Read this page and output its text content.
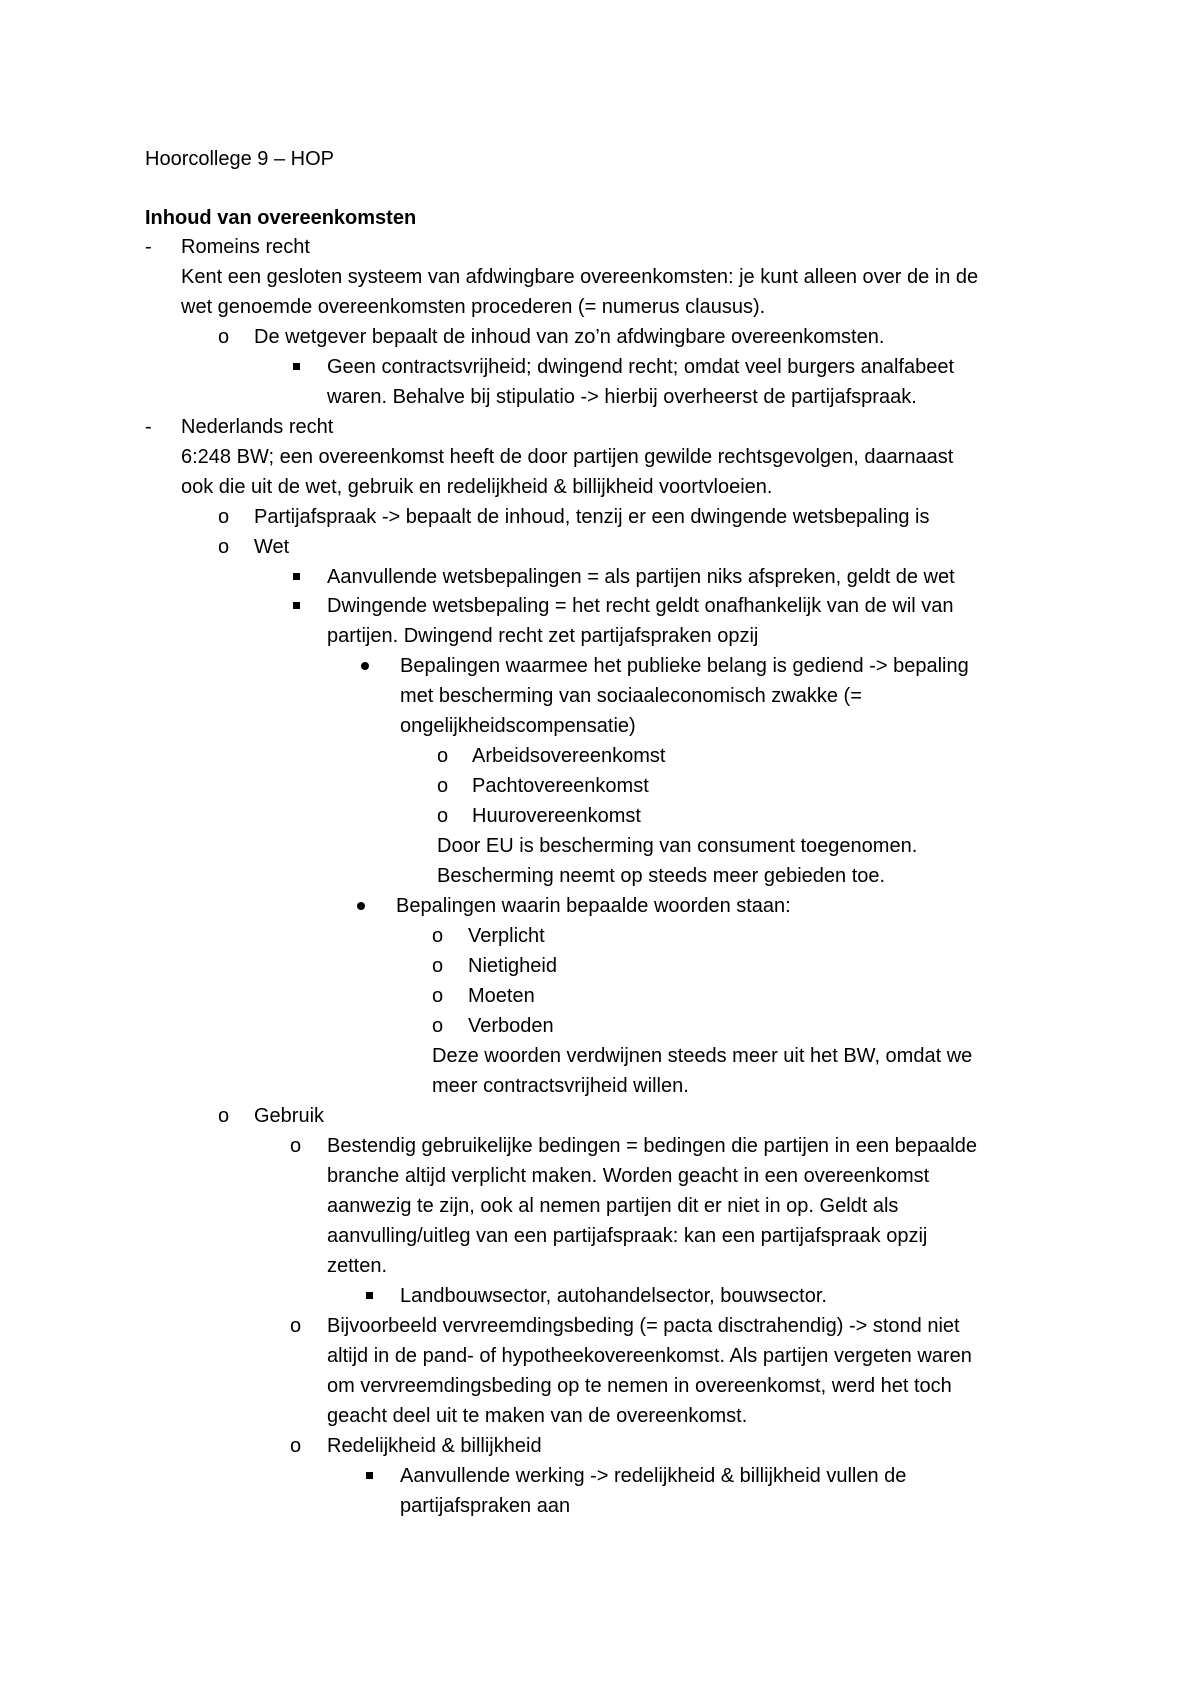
Hoorcollege 9 – HOP
Inhoud van overeenkomsten
- Romeins recht
Kent een gesloten systeem van afdwingbare overeenkomsten: je kunt alleen over de in de
wet genoemde overeenkomsten procederen (= numerus clausus).
o De wetgever bepaalt de inhoud van zo’n afdwingbare overeenkomsten.
Geen contractsvrijheid; dwingend recht; omdat veel burgers analfabeet
waren. Behalve bij stipulatio -> hierbij overheerst de partijafspraak.
- Nederlands recht
6:248 BW; een overeenkomst heeft de door partijen gewilde rechtsgevolgen, daarnaast
ook die uit de wet, gebruik en redelijkheid & billijkheid voortvloeien.
o Partijafspraak -> bepaalt de inhoud, tenzij er een dwingende wetsbepaling is
o Wet
Aanvullende wetsbepalingen = als partijen niks afspreken, geldt de wet
Dwingende wetsbepaling = het recht geldt onafhankelijk van de wil van
partijen. Dwingend recht zet partijafspraken opzij
Bepalingen waarmee het publieke belang is gediend -> bepaling
met bescherming van sociaaleconomisch zwakke (=
ongelijkheidscompensatie)
o Arbeidsovereenkomst
o Pachtovereenkomst
o Huurovereenkomst
Door EU is bescherming van consument toegenomen.
Bescherming neemt op steeds meer gebieden toe.
Bepalingen waarin bepaalde woorden staan:
o Verplicht
o Nietigheid
o Moeten
o Verboden
Deze woorden verdwijnen steeds meer uit het BW, omdat we
meer contractsvrijheid willen.
o Gebruik
o Bestendig gebruikelijke bedingen = bedingen die partijen in een bepaalde
branche altijd verplicht maken. Worden geacht in een overeenkomst
aanwezig te zijn, ook al nemen partijen dit er niet in op. Geldt als
aanvulling/uitleg van een partijafspraak: kan een partijafspraak opzij
zetten.
Landbouwsector, autohandelsector, bouwsector.
o Bijvoorbeeld vervreemdingsbeding (= pacta disctrahendig) -> stond niet
altijd in de pand- of hypotheekovereenkomst. Als partijen vergeten waren
om vervreemdingsbeding op te nemen in overeenkomst, werd het toch
geacht deel uit te maken van de overeenkomst.
o Redelijkheid & billijkheid
Aanvullende werking -> redelijkheid & billijkheid vullen de
partijafspraken aan
